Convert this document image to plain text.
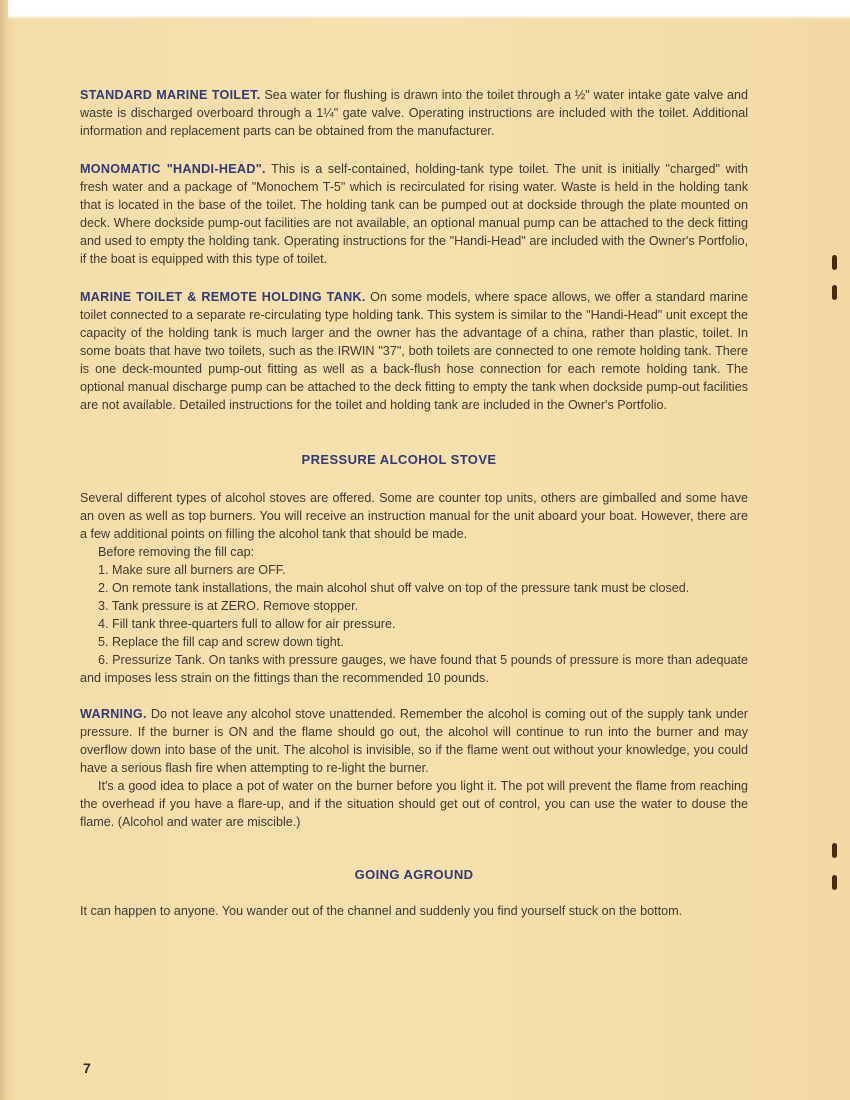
STANDARD MARINE TOILET. Sea water for flushing is drawn into the toilet through a ½" water intake gate valve and waste is discharged overboard through a 1¼" gate valve. Operating instructions are included with the toilet. Additional information and replacement parts can be obtained from the manufacturer.

MONOMATIC "HANDI-HEAD". This is a self-contained, holding-tank type toilet. The unit is initially "charged" with fresh water and a package of "Monochem T-5" which is recirculated for rising water. Waste is held in the holding tank that is located in the base of the toilet. The holding tank can be pumped out at dockside through the plate mounted on deck. Where dockside pump-out facilities are not available, an optional manual pump can be attached to the deck fitting and used to empty the holding tank. Operating instructions for the "Handi-Head" are included with the Owner's Portfolio, if the boat is equipped with this type of toilet.

MARINE TOILET & REMOTE HOLDING TANK. On some models, where space allows, we offer a standard marine toilet connected to a separate re-circulating type holding tank. This system is similar to the "Handi-Head" unit except the capacity of the holding tank is much larger and the owner has the advantage of a china, rather than plastic, toilet. In some boats that have two toilets, such as the IRWIN "37", both toilets are connected to one remote holding tank. There is one deck-mounted pump-out fitting as well as a back-flush hose connection for each remote holding tank. The optional manual discharge pump can be attached to the deck fitting to empty the tank when dockside pump-out facilities are not available. Detailed instructions for the toilet and holding tank are included in the Owner's Portfolio.

PRESSURE ALCOHOL STOVE

Several different types of alcohol stoves are offered. Some are counter top units, others are gimballed and some have an oven as well as top burners. You will receive an instruction manual for the unit aboard your boat. However, there are a few additional points on filling the alcohol tank that should be made.

Before removing the fill cap:

1. Make sure all burners are OFF.

2. On remote tank installations, the main alcohol shut off valve on top of the pressure tank must be closed.

3. Tank pressure is at ZERO. Remove stopper.

4. Fill tank three-quarters full to allow for air pressure.

5. Replace the fill cap and screw down tight.

6. Pressurize Tank. On tanks with pressure gauges, we have found that 5 pounds of pressure is more than adequate and imposes less strain on the fittings than the recommended 10 pounds.

WARNING. Do not leave any alcohol stove unattended. Remember the alcohol is coming out of the supply tank under pressure. If the burner is ON and the flame should go out, the alcohol will continue to run into the burner and may overflow down into base of the unit. The alcohol is invisible, so if the flame went out without your knowledge, you could have a serious flash fire when attempting to re-light the burner.

It's a good idea to place a pot of water on the burner before you light it. The pot will prevent the flame from reaching the overhead if you have a flare-up, and if the situation should get out of control, you can use the water to douse the flame. (Alcohol and water are miscible.)

GOING AGROUND

It can happen to anyone. You wander out of the channel and suddenly you find yourself stuck on the bottom.

7
